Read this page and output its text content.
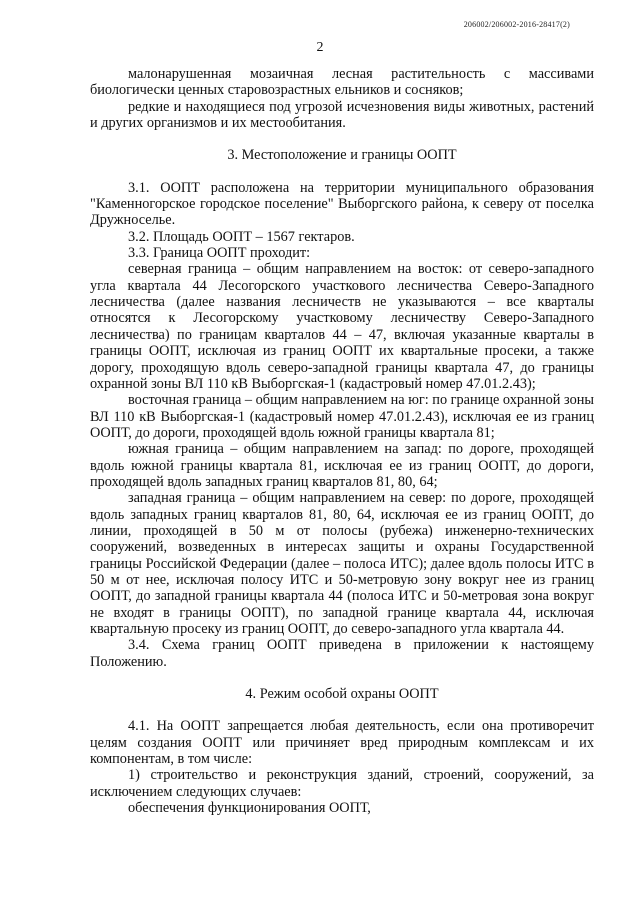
206002/206002-2016-28417(2)
2

малонарушенная мозаичная лесная растительность с массивами биологически ценных старовозрастных ельников и сосняков;

редкие и находящиеся под угрозой исчезновения виды животных, растений и других организмов и их местообитания.

3. Местоположение и границы ООПТ

3.1. ООПТ расположена на территории муниципального образования "Каменногорское городское поселение" Выборгского района, к северу от поселка Дружноселье.

3.2. Площадь ООПТ – 1567 гектаров.

3.3. Граница ООПТ проходит:

северная граница – общим направлением на восток: от северо-западного угла квартала 44 Лесогорского участкового лесничества Северо-Западного лесничества (далее названия лесничеств не указываются – все кварталы относятся к Лесогорскому участковому лесничеству Северо-Западного лесничества) по границам кварталов 44 – 47, включая указанные кварталы в границы ООПТ, исключая из границ ООПТ их квартальные просеки, а также дорогу, проходящую вдоль северо-западной границы квартала 47, до границы охранной зоны ВЛ 110 кВ Выборгская-1 (кадастровый номер 47.01.2.43);

восточная граница – общим направлением на юг: по границе охранной зоны ВЛ 110 кВ Выборгская-1 (кадастровый номер 47.01.2.43), исключая ее из границ ООПТ, до дороги, проходящей вдоль южной границы квартала 81;

южная граница – общим направлением на запад: по дороге, проходящей вдоль южной границы квартала 81, исключая ее из границ ООПТ, до дороги, проходящей вдоль западных границ кварталов 81, 80, 64;

западная граница – общим направлением на север: по дороге, проходящей вдоль западных границ кварталов 81, 80, 64, исключая ее из границ ООПТ, до линии, проходящей в 50 м от полосы (рубежа) инженерно-технических сооружений, возведенных в интересах защиты и охраны Государственной границы Российской Федерации (далее – полоса ИТС); далее вдоль полосы ИТС в 50 м от нее, исключая полосу ИТС и 50-метровую зону вокруг нее из границ ООПТ, до западной границы квартала 44 (полоса ИТС и 50-метровая зона вокруг не входят в границы ООПТ), по западной границе квартала 44, исключая квартальную просеку из границ ООПТ, до северо-западного угла квартала 44.

3.4. Схема границ ООПТ приведена в приложении к настоящему Положению.

4. Режим особой охраны ООПТ

4.1. На ООПТ запрещается любая деятельность, если она противоречит целям создания ООПТ или причиняет вред природным комплексам и их компонентам, в том числе:

1) строительство и реконструкция зданий, строений, сооружений, за исключением следующих случаев:

обеспечения функционирования ООПТ,
